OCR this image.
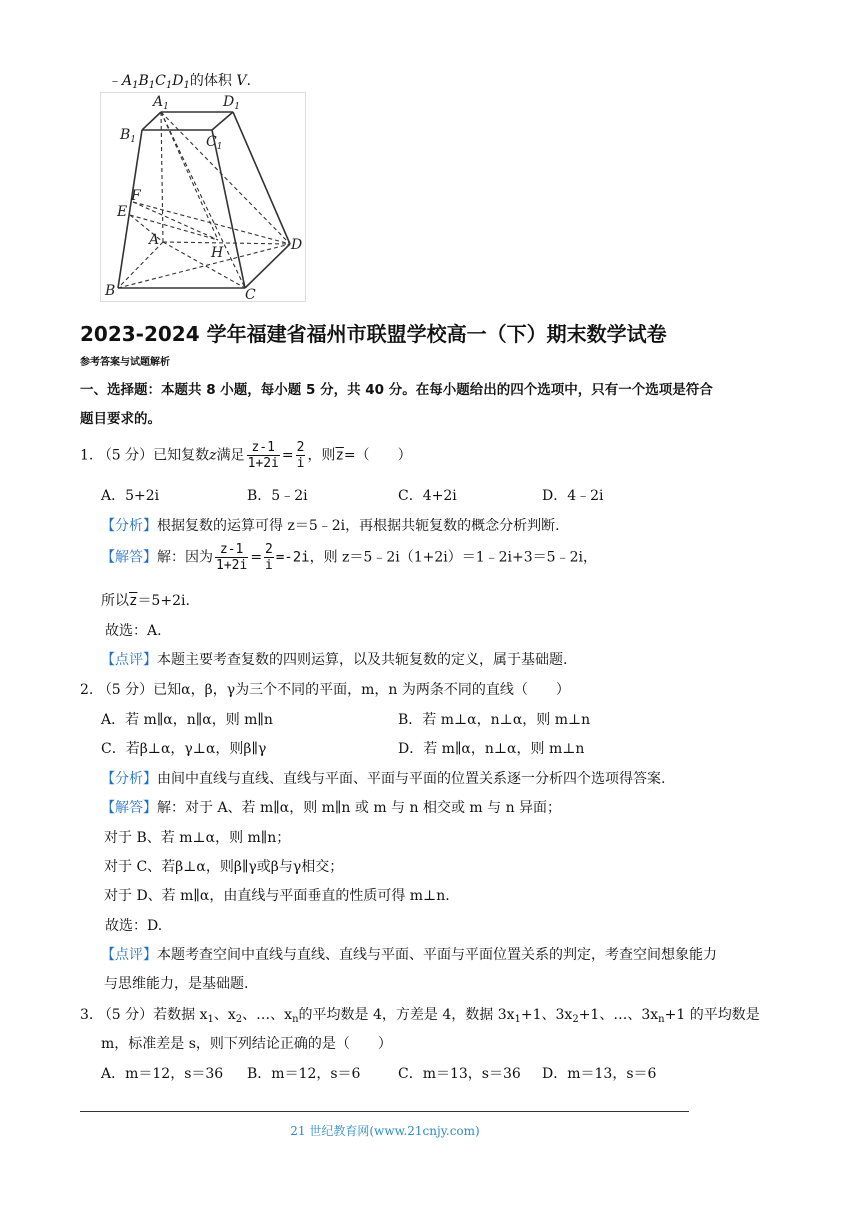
$﹣A_1B_1C_1D_1$的体积 V.
$A_1$	$D_1$
$B_1$	$C_1$
F
E
A
H	D
B	C
2023-2024 学年福建省福州市联盟学校高一（下）期末数学试卷
参考答案与试题解析
一、选择题：本题共 8 小题，每小题 5 分，共 40 分。在每小题给出的四个选项中，只有一个选项是符合
题目要求的。
1. （5 分）已知复数z满足 $\frac{z-1}{1+2i} = \frac{2}{i}$ ，则$\overline{z}=$（　　）
A．5+2i	B．5﹣2i	C．4+2i	D．4﹣2i
【分析】根据复数的运算可得 z＝5﹣2i，再根据共轭复数的概念分析判断.
【解答】解：因为 $\frac{z-1}{1+2i} = \frac{2}{i} =-2i$，则 z＝5﹣2i（1+2i）＝1﹣2i+3＝5﹣2i，
所以$\overline{z}=5+2i$.
故选：A.
【点评】本题主要考查复数的四则运算，以及共轭复数的定义，属于基础题.
2. （5 分）已知α，β，γ为三个不同的平面，m，n 为两条不同的直线（　　）
A．若 m∥α，n∥α，则 m∥n	B．若 m⊥α，n⊥α，则 m⊥n
C．若β⊥α，γ⊥α，则β∥γ	D．若 m∥α，n⊥α，则 m⊥n
【分析】由间中直线与直线、直线与平面、平面与平面的位置关系逐一分析四个选项得答案.
【解答】解：对于 A、若 m∥α，则 m∥n 或 m 与 n 相交或 m 与 n 异面；
对于 B、若 m⊥α，则 m∥n；
对于 C、若β⊥α，则β∥γ或β与γ相交；
对于 D、若 m∥α，由直线与平面垂直的性质可得 m⊥n.
故选：D.
【点评】本题考查空间中直线与直线、直线与平面、平面与平面位置关系的判定，考查空间想象能力
与思维能力，是基础题.
3. （5 分）若数据 $x_1$、$x_2$、…、$x_n$的平均数是 4，方差是 4，数据 $3x_1+1$、$3x_2+1$、…、$3x_n+1$ 的平均数是
m，标准差是 s，则下列结论正确的是（　　）
A．m＝12，s＝36 B．m＝12，s＝6	C．m＝13，s＝36 D．m＝13，s＝6
21 世纪教育网(www.21cnjy.com)
